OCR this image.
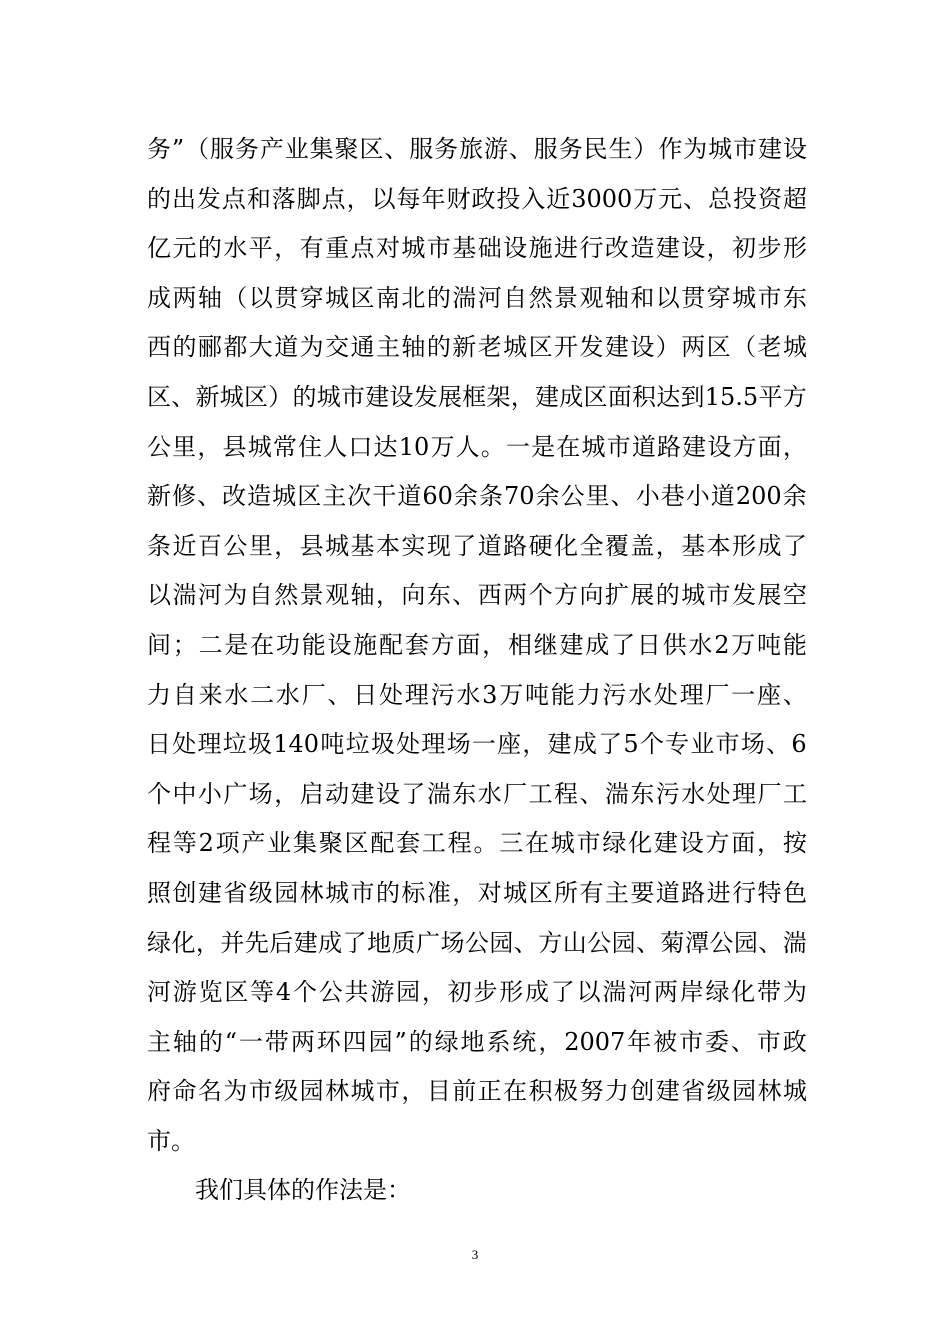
务 ” （ 服 务 产 业 集 聚 区 、 服 务 旅 游 、 服 务 民 生 ） 作 为 城 市 建 设
的 出 发 点 和 落 脚 点 ， 以 每 年 财 政 投 入 近 3000 万 元 、 总 投 资 超
亿 元 的 水 平 ， 有 重 点 对 城 市 基 础 设 施 进 行 改 造 建 设 ， 初 步 形
成 两 轴 （ 以 贯 穿 城 区 南 北 的 湍 河 自 然 景 观 轴 和 以 贯 穿 城 市 东
西 的 郦 都 大 道 为 交 通 主 轴 的 新 老 城 区 开 发 建 设 ） 两 区 （ 老 城
区 、 新 城 区 ） 的 城 市 建 设 发 展 框 架 ， 建 成 区 面 积 达 到 15.5 平 方
公 里 ， 县 城 常 住 人 口 达 10 万 人 。 一 是 在 城 市 道 路 建 设 方 面 ，
新 修 、 改 造 城 区 主 次 干 道 60 余 条 70 余 公 里 、 小 巷 小 道 200 余
条 近 百 公 里 ， 县 城 基 本 实 现 了 道 路 硬 化 全 覆 盖 ， 基 本 形 成 了
以 湍 河 为 自 然 景 观 轴 ， 向 东 、 西 两 个 方 向 扩 展 的 城 市 发 展 空
间 ； 二 是 在 功 能 设 施 配 套 方 面 ， 相 继 建 成 了 日 供 水 2 万 吨 能
力 自 来 水 二 水 厂 、 日 处 理 污 水 3 万 吨 能 力 污 水 处 理 厂 一 座 、
日 处 理 垃 圾 140 吨 垃 圾 处 理 场 一 座 ， 建 成 了 5 个 专 业 市 场 、 6
个 中 小 广 场 ， 启 动 建 设 了 湍 东 水 厂 工 程 、 湍 东 污 水 处 理 厂 工
程 等 2 项 产 业 集 聚 区 配 套 工 程 。 三 在 城 市 绿 化 建 设 方 面 ， 按
照 创 建 省 级 园 林 城 市 的 标 准 ， 对 城 区 所 有 主 要 道 路 进 行 特 色
绿 化 ， 并 先 后 建 成 了 地 质 广 场 公 园 、 方 山 公 园 、 菊 潭 公 园 、 湍
河 游 览 区 等 4 个 公 共 游 园 ， 初 步 形 成 了 以 湍 河 两 岸 绿 化 带 为
主 轴 的 “ 一 带 两 环 四 园 ” 的 绿 地 系 统 ， 2007 年 被 市 委 、 市 政
府 命 名 为 市 级 园 林 城 市 ， 目 前 正 在 积 极 努 力 创 建 省 级 园 林 城
市 。
我们具体的作法是：
3
